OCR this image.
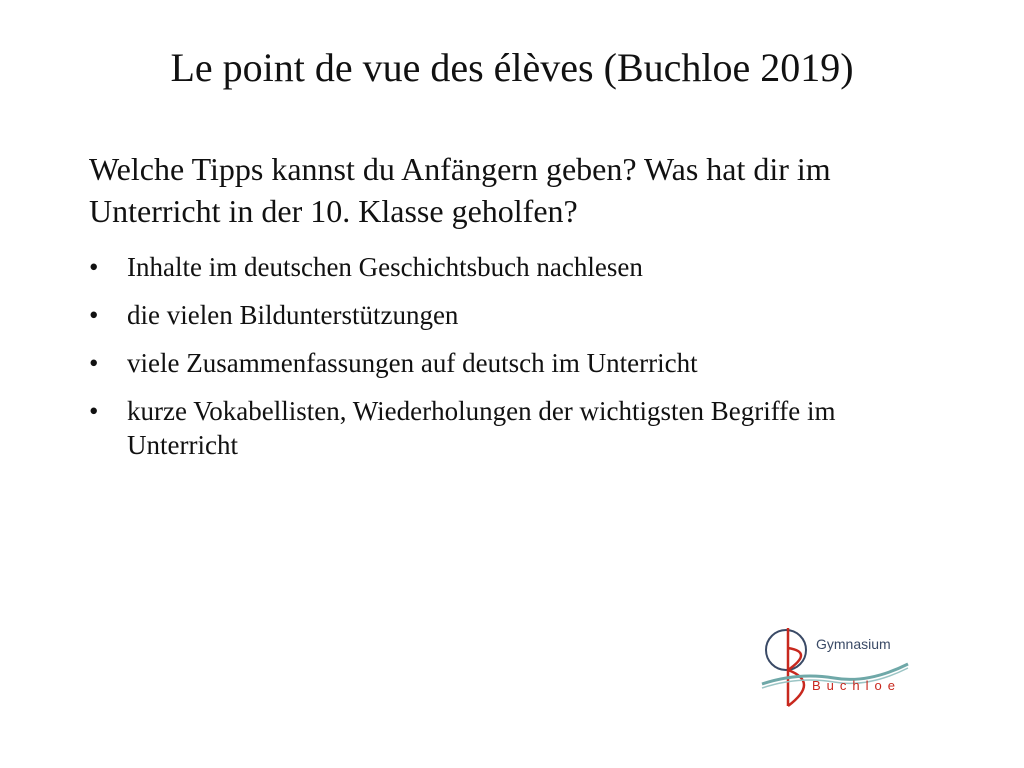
Le point de vue des élèves (Buchloe 2019)
Welche Tipps kannst du Anfängern geben? Was hat dir im Unterricht in der 10. Klasse geholfen?
• Inhalte im deutschen Geschichtsbuch nachlesen
• die vielen Bildunterstützungen
• viele Zusammenfassungen auf deutsch im Unterricht
• kurze Vokabellisten, Wiederholungen der wichtigsten Begriffe im Unterricht
Gymnasium
Buchloe
